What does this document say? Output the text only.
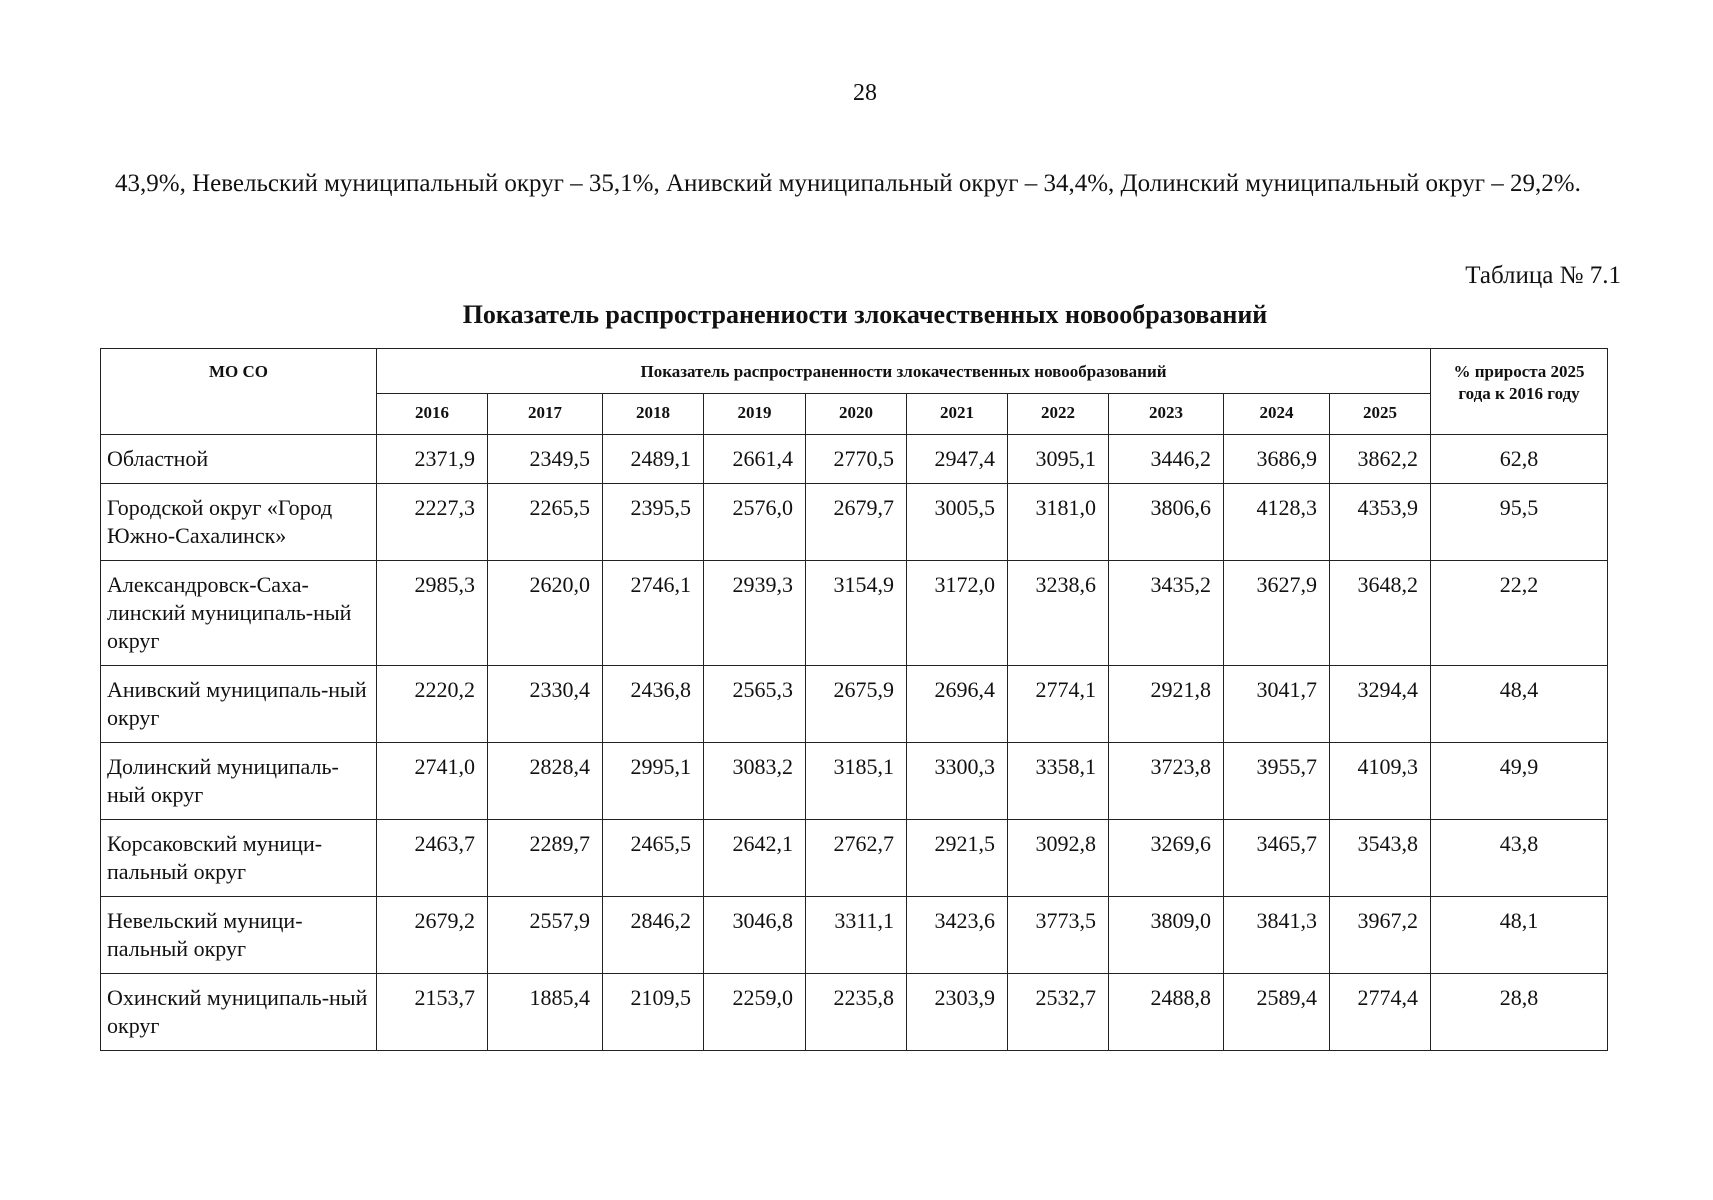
28
43,9%, Невельский муниципальный округ – 35,1%, Анивский муниципальный округ – 34,4%, Долинский муниципальный округ – 29,2%.
Таблица № 7.1
Показатель распространениости злокачественных новообразований
МО СО	Показатель распространенности злокачественных новообразований										% прироста 2025 года к 2016 году
	2016	2017	2018	2019	2020	2021	2022	2023	2024	2025	
Областной	2371,9	2349,5	2489,1	2661,4	2770,5	2947,4	3095,1	3446,2	3686,9	3862,2	62,8
Городской округ «Город Южно-Сахалинск»	2227,3	2265,5	2395,5	2576,0	2679,7	3005,5	3181,0	3806,6	4128,3	4353,9	95,5
Александровск-Саха-линский муниципаль-ный округ	2985,3	2620,0	2746,1	2939,3	3154,9	3172,0	3238,6	3435,2	3627,9	3648,2	22,2
Анивский муниципаль-ный округ	2220,2	2330,4	2436,8	2565,3	2675,9	2696,4	2774,1	2921,8	3041,7	3294,4	48,4
Долинский муниципаль-ный округ	2741,0	2828,4	2995,1	3083,2	3185,1	3300,3	3358,1	3723,8	3955,7	4109,3	49,9
Корсаковский муници-пальный округ	2463,7	2289,7	2465,5	2642,1	2762,7	2921,5	3092,8	3269,6	3465,7	3543,8	43,8
Невельский муници-пальный округ	2679,2	2557,9	2846,2	3046,8	3311,1	3423,6	3773,5	3809,0	3841,3	3967,2	48,1
Охинский муниципаль-ный округ	2153,7	1885,4	2109,5	2259,0	2235,8	2303,9	2532,7	2488,8	2589,4	2774,4	28,8
